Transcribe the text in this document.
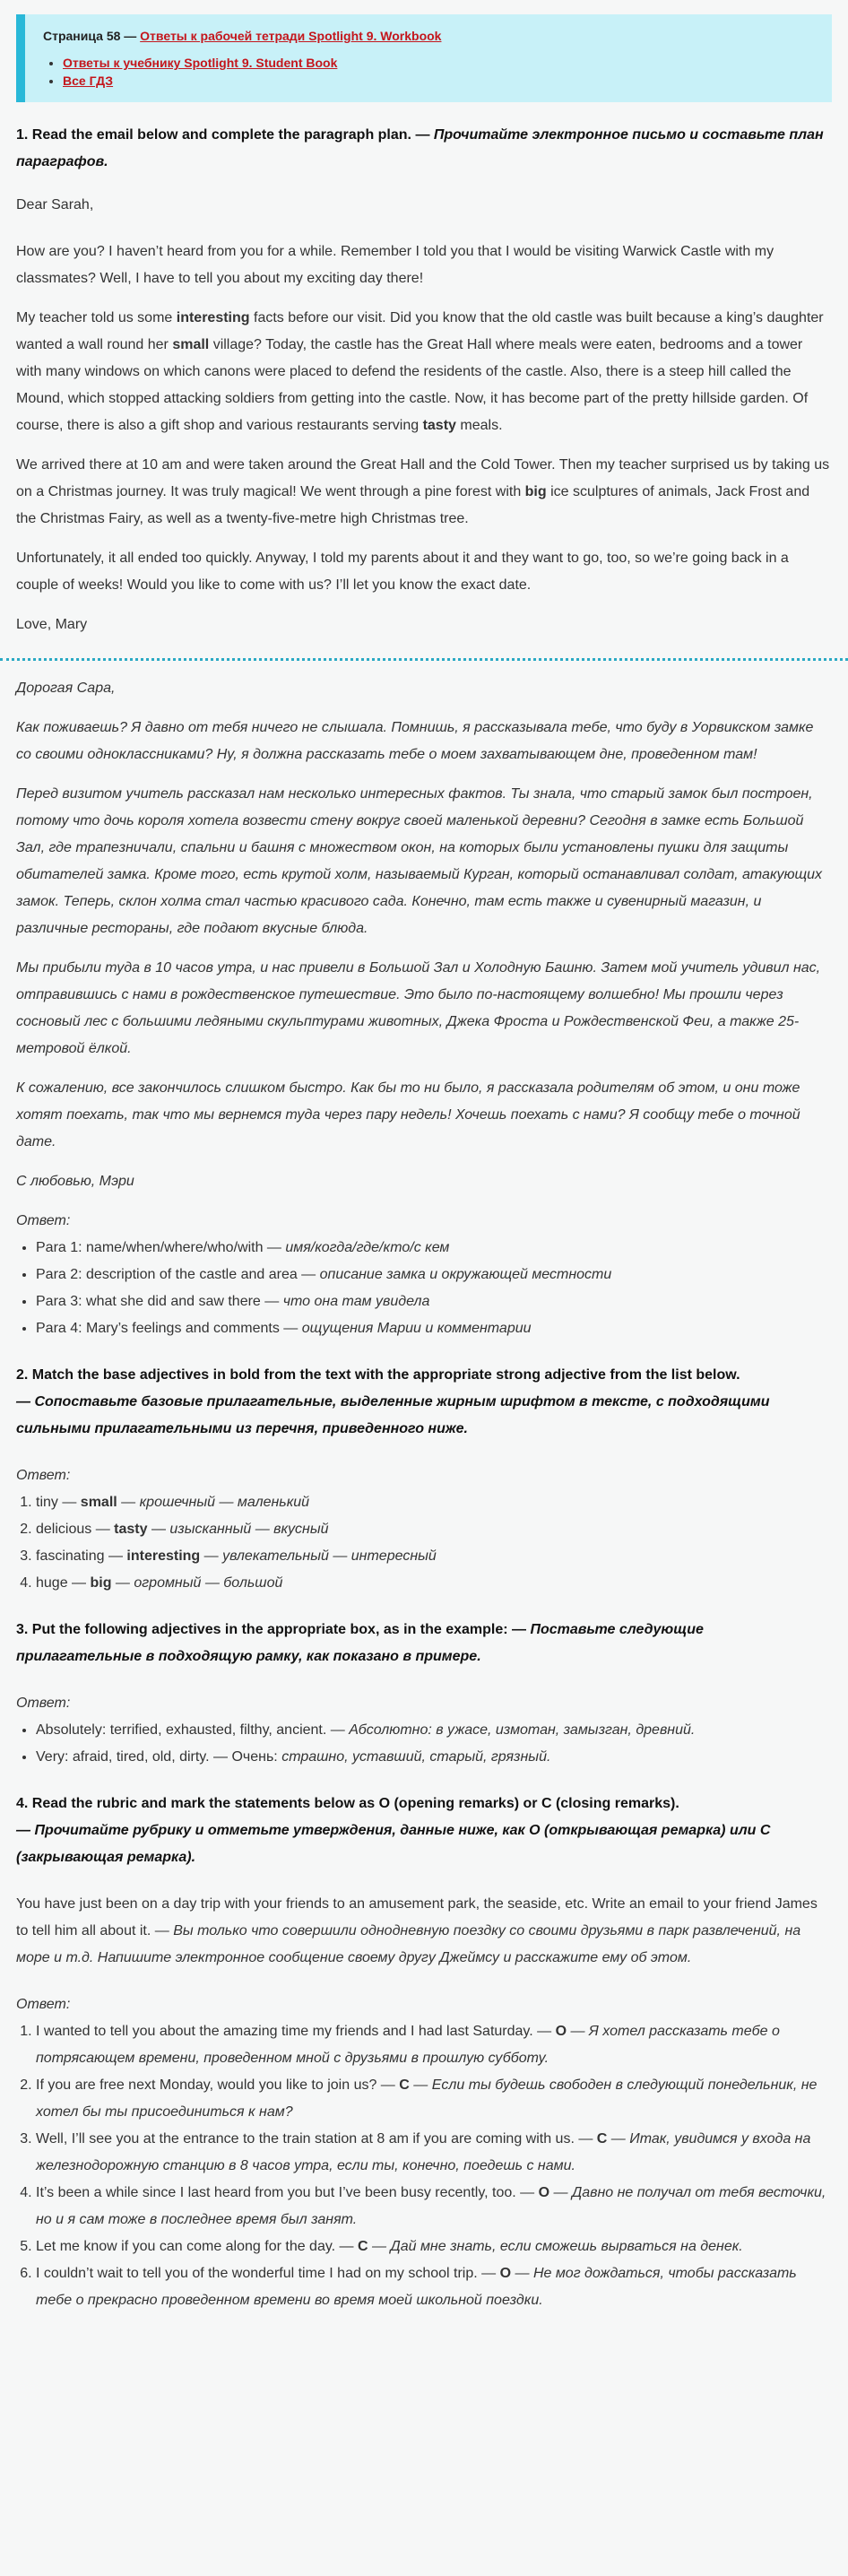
Страница 58 — Ответы к рабочей тетради Spotlight 9. Workbook
• Ответы к учебнику Spotlight 9. Student Book
• Все ГДЗ

1. Read the email below and complete the paragraph plan. — Прочитайте электронное письмо и составьте план параграфов.

Dear Sarah,

How are you? I haven’t heard from you for a while. Remember I told you that I would be visiting Warwick Castle with my classmates? Well, I have to tell you about my exciting day there!

My teacher told us some interesting facts before our visit. Did you know that the old castle was built because a king’s daughter wanted a wall round her small village? Today, the castle has the Great Hall where meals were eaten, bedrooms and a tower with many windows on which canons were placed to defend the residents of the castle. Also, there is a steep hill called the Mound, which stopped attacking soldiers from getting into the castle. Now, it has become part of the pretty hillside garden. Of course, there is also a gift shop and various restaurants serving tasty meals.

We arrived there at 10 am and were taken around the Great Hall and the Cold Tower. Then my teacher surprised us by taking us on a Christmas journey. It was truly magical! We went through a pine forest with big ice sculptures of animals, Jack Frost and the Christmas Fairy, as well as a twenty-five-metre high Christmas tree.

Unfortunately, it all ended too quickly. Anyway, I told my parents about it and they want to go, too, so we’re going back in a couple of weeks! Would you like to come with us? I’ll let you know the exact date.

Love, Mary

Дорогая Сара,

Как поживаешь? Я давно от тебя ничего не слышала. Помнишь, я рассказывала тебе, что буду в Уорвикском замке со своими одноклассниками? Ну, я должна рассказать тебе о моем захватывающем дне, проведенном там!

Перед визитом учитель рассказал нам несколько интересных фактов. Ты знала, что старый замок был построен, потому что дочь короля хотела возвести стену вокруг своей маленькой деревни? Сегодня в замке есть Большой Зал, где трапезничали, спальни и башня с множеством окон, на которых были установлены пушки для защиты обитателей замка. Кроме того, есть крутой холм, называемый Курган, который останавливал солдат, атакующих замок. Теперь, склон холма стал частью красивого сада. Конечно, там есть также и сувенирный магазин, и различные рестораны, где подают вкусные блюда.

Мы прибыли туда в 10 часов утра, и нас привели в Большой Зал и Холодную Башню. Затем мой учитель удивил нас, отправившись с нами в рождественское путешествие. Это было по-настоящему волшебно! Мы прошли через сосновый лес с большими ледяными скульптурами животных, Джека Фроста и Рождественской Феи, а также 25-метровой ёлкой.

К сожалению, все закончилось слишком быстро. Как бы то ни было, я рассказала родителям об этом, и они тоже хотят поехать, так что мы вернемся туда через пару недель! Хочешь поехать с нами? Я сообщу тебе о точной дате.

С любовью, Мэри

Ответ:

• Para 1: name/when/where/who/with — имя/когда/где/кто/с кем
• Para 2: description of the castle and area — описание замка и окружающей местности
• Para 3: what she did and saw there — что она там увидела
• Para 4: Mary’s feelings and comments — ощущения Марии и комментарии

2. Match the base adjectives in bold from the text with the appropriate strong adjective from the list below.
— Сопоставьте базовые прилагательные, выделенные жирным шрифтом в тексте, с подходящими сильными прилагательными из перечня, приведенного ниже.

Ответ:

1. tiny — small — крошечный — маленький
2. delicious — tasty — изысканный — вкусный
3. fascinating — interesting — увлекательный — интересный
4. huge — big — огромный — большой

3. Put the following adjectives in the appropriate box, as in the example: — Поставьте следующие прилагательные в подходящую рамку, как показано в примере.

Ответ:

• Absolutely: terrified, exhausted, filthy, ancient. — Абсолютно: в ужасе, измотан, замызган, древний.
• Very: afraid, tired, old, dirty. — Очень: страшно, уставший, старый, грязный.

4. Read the rubric and mark the statements below as O (opening remarks) or C (closing remarks).
— Прочитайте рубрику и отметьте утверждения, данные ниже, как O (открывающая ремарка) или C (закрывающая ремарка).

You have just been on a day trip with your friends to an amusement park, the seaside, etc. Write an email to your friend James to tell him all about it. — Вы только что совершили однодневную поездку со своими друзьями в парк развлечений, на море и т.д. Напишите электронное сообщение своему другу Джеймсу и расскажите ему об этом.

Ответ:

1. I wanted to tell you about the amazing time my friends and I had last Saturday. — O — Я хотел рассказать тебе о потрясающем времени, проведенном мной с друзьями в прошлую субботу.
2. If you are free next Monday, would you like to join us? — C — Если ты будешь свободен в следующий понедельник, не хотел бы ты присоединиться к нам?
3. Well, I’ll see you at the entrance to the train station at 8 am if you are coming with us. — C — Итак, увидимся у входа на железнодорожную станцию в 8 часов утра, если ты, конечно, поедешь с нами.
4. It’s been a while since I last heard from you but I’ve been busy recently, too. — O — Давно не получал от тебя весточки, но и я сам тоже в последнее время был занят.
5. Let me know if you can come along for the day. — C — Дай мне знать, если сможешь вырваться на денек.
6. I couldn’t wait to tell you of the wonderful time I had on my school trip. — O — Не мог дождаться, чтобы рассказать тебе о прекрасно проведенном времени во время моей школьной поездки.
